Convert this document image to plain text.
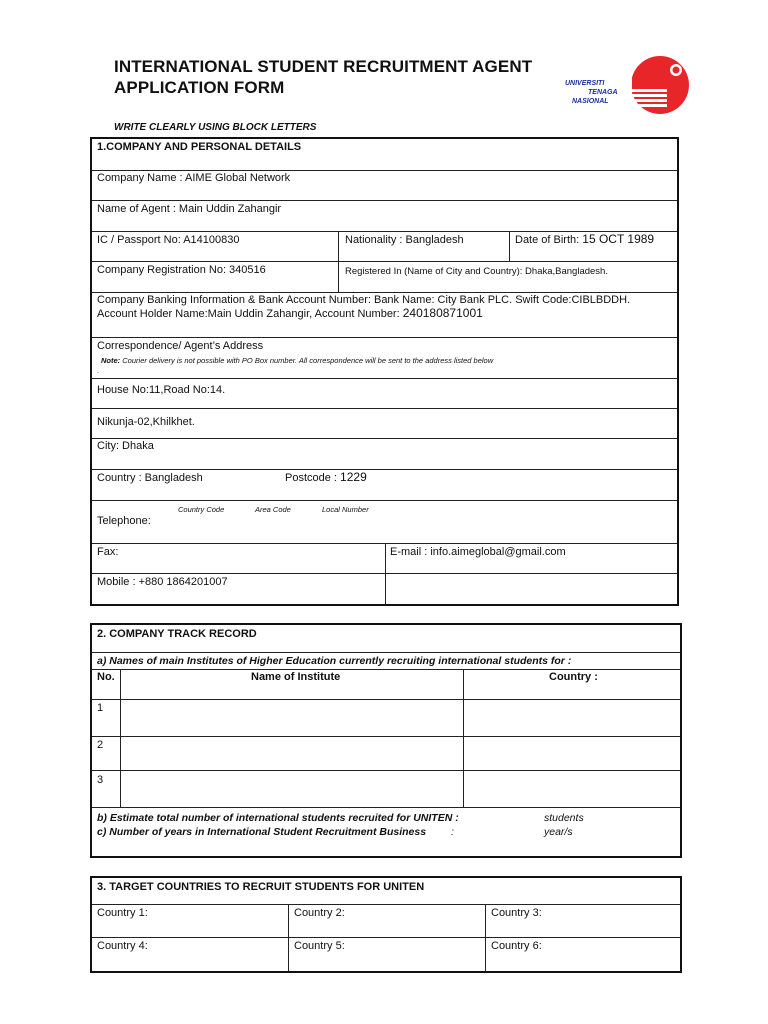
INTERNATIONAL STUDENT RECRUITMENT AGENT
APPLICATION FORM	UNIVERSITI
TENAGA
NASIONAL
WRITE CLEARLY USING BLOCK LETTERS
1.COMPANY AND PERSONAL DETAILS
Company Name : AIME Global Network
Name of Agent : Main Uddin Zahangir
IC / Passport No: A14100830	Nationality : Bangladesh	Date of Birth: 15 OCT 1989
Company Registration No: 340516	Registered In (Name of City and Country): Dhaka,Bangladesh.
Company Banking Information & Bank Account Number: Bank Name: City Bank PLC. Swift Code:CIBLBDDH.
Account Holder Name:Main Uddin Zahangir, Account Number: 240180871001
Correspondence/ Agent’s Address
Note: Courier delivery is not possible with PO Box number. All correspondence will be sent to the address listed below
.
House No:11,Road No:14.
Nikunja-02,Khilkhet.
City: Dhaka
Country : Bangladesh	Postcode : 1229
Country Code	Area Code	Local Number
Telephone:
Fax:	E-mail : info.aimeglobal@gmail.com
Mobile : +880 1864201007
2. COMPANY TRACK RECORD
a) Names of main Institutes of Higher Education currently recruiting international students for :
No.	Name of Institute	Country :
1
2
3
b) Estimate total number of international students recruited for UNITEN :	students
c) Number of years in International Student Recruitment Business :	year/s
3. TARGET COUNTRIES TO RECRUIT STUDENTS FOR UNITEN
Country 1:	Country 2:	Country 3:
Country 4:	Country 5:	Country 6:
